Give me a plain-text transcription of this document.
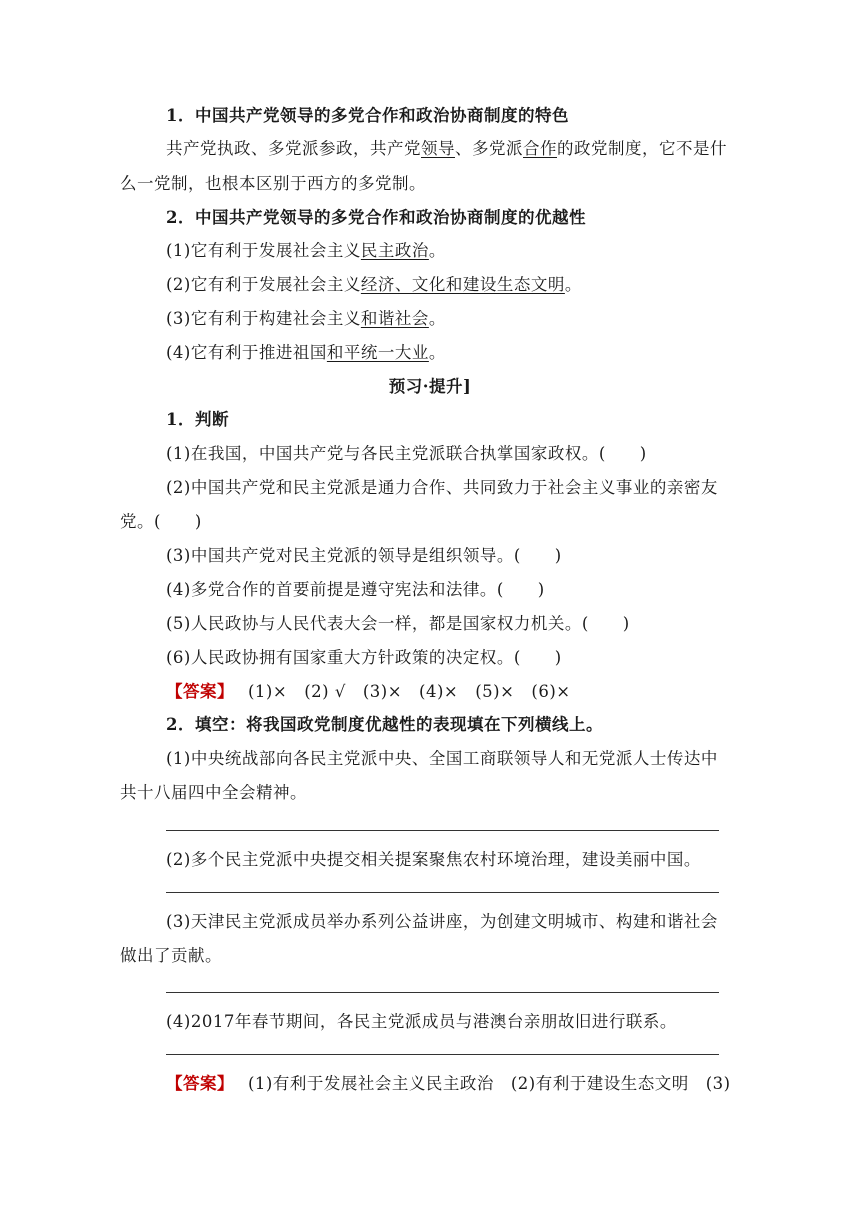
1．中国共产党领导的多党合作和政治协商制度的特色
共产党执政、多党派参政，共产党领导、多党派合作的政党制度，它不是什
么一党制，也根本区别于西方的多党制。
2．中国共产党领导的多党合作和政治协商制度的优越性
(1)它有利于发展社会主义民主政治。
(2)它有利于发展社会主义经济、文化和建设生态文明。
(3)它有利于构建社会主义和谐社会。
(4)它有利于推进祖国和平统一大业。
预习·提升]
1．判断
(1)在我国，中国共产党与各民主党派联合执掌国家政权。(　　)
(2)中国共产党和民主党派是通力合作、共同致力于社会主义事业的亲密友
党。(　　)
(3)中国共产党对民主党派的领导是组织领导。(　　)
(4)多党合作的首要前提是遵守宪法和法律。(　　)
(5)人民政协与人民代表大会一样，都是国家权力机关。(　　)
(6)人民政协拥有国家重大方针政策的决定权。(　　)
【答案】 (1)×　(2) √　(3)×　(4)×　(5)×　(6)×
2．填空：将我国政党制度优越性的表现填在下列横线上。
(1)中央统战部向各民主党派中央、全国工商联领导人和无党派人士传达中
共十八届四中全会精神。
(2)多个民主党派中央提交相关提案聚焦农村环境治理，建设美丽中国。
(3)天津民主党派成员举办系列公益讲座，为创建文明城市、构建和谐社会
做出了贡献。
(4)2017年春节期间，各民主党派成员与港澳台亲朋故旧进行联系。
【答案】 (1)有利于发展社会主义民主政治　(2)有利于建设生态文明　(3)
